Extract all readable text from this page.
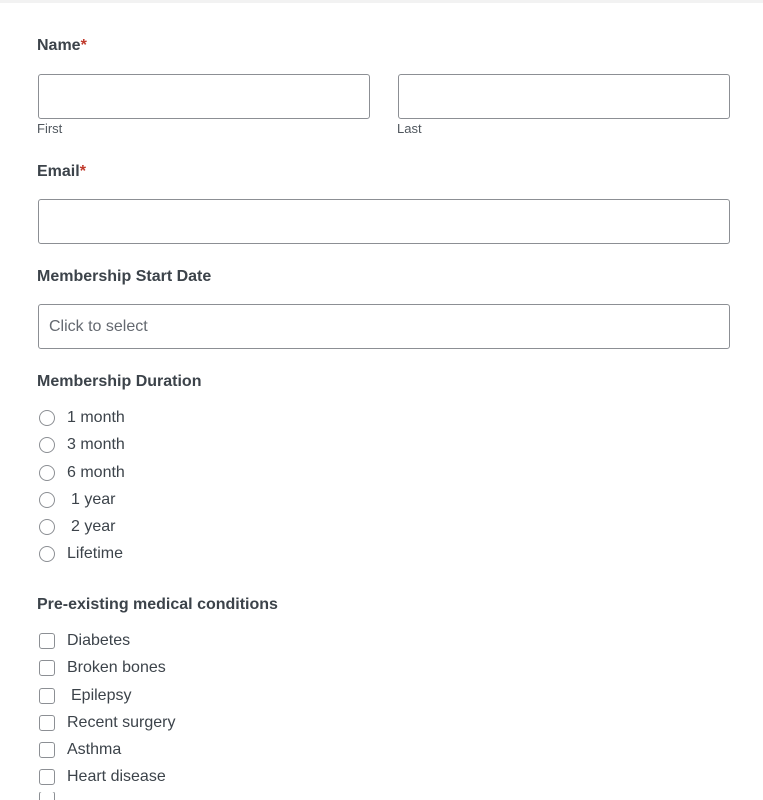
Name*
First	Last
Email*
Membership Start Date
Click to select
Membership Duration
1 month
3 month
6 month
1 year
2 year
Lifetime
Pre-existing medical conditions
Diabetes
Broken bones
Epilepsy
Recent surgery
Asthma
Heart disease
